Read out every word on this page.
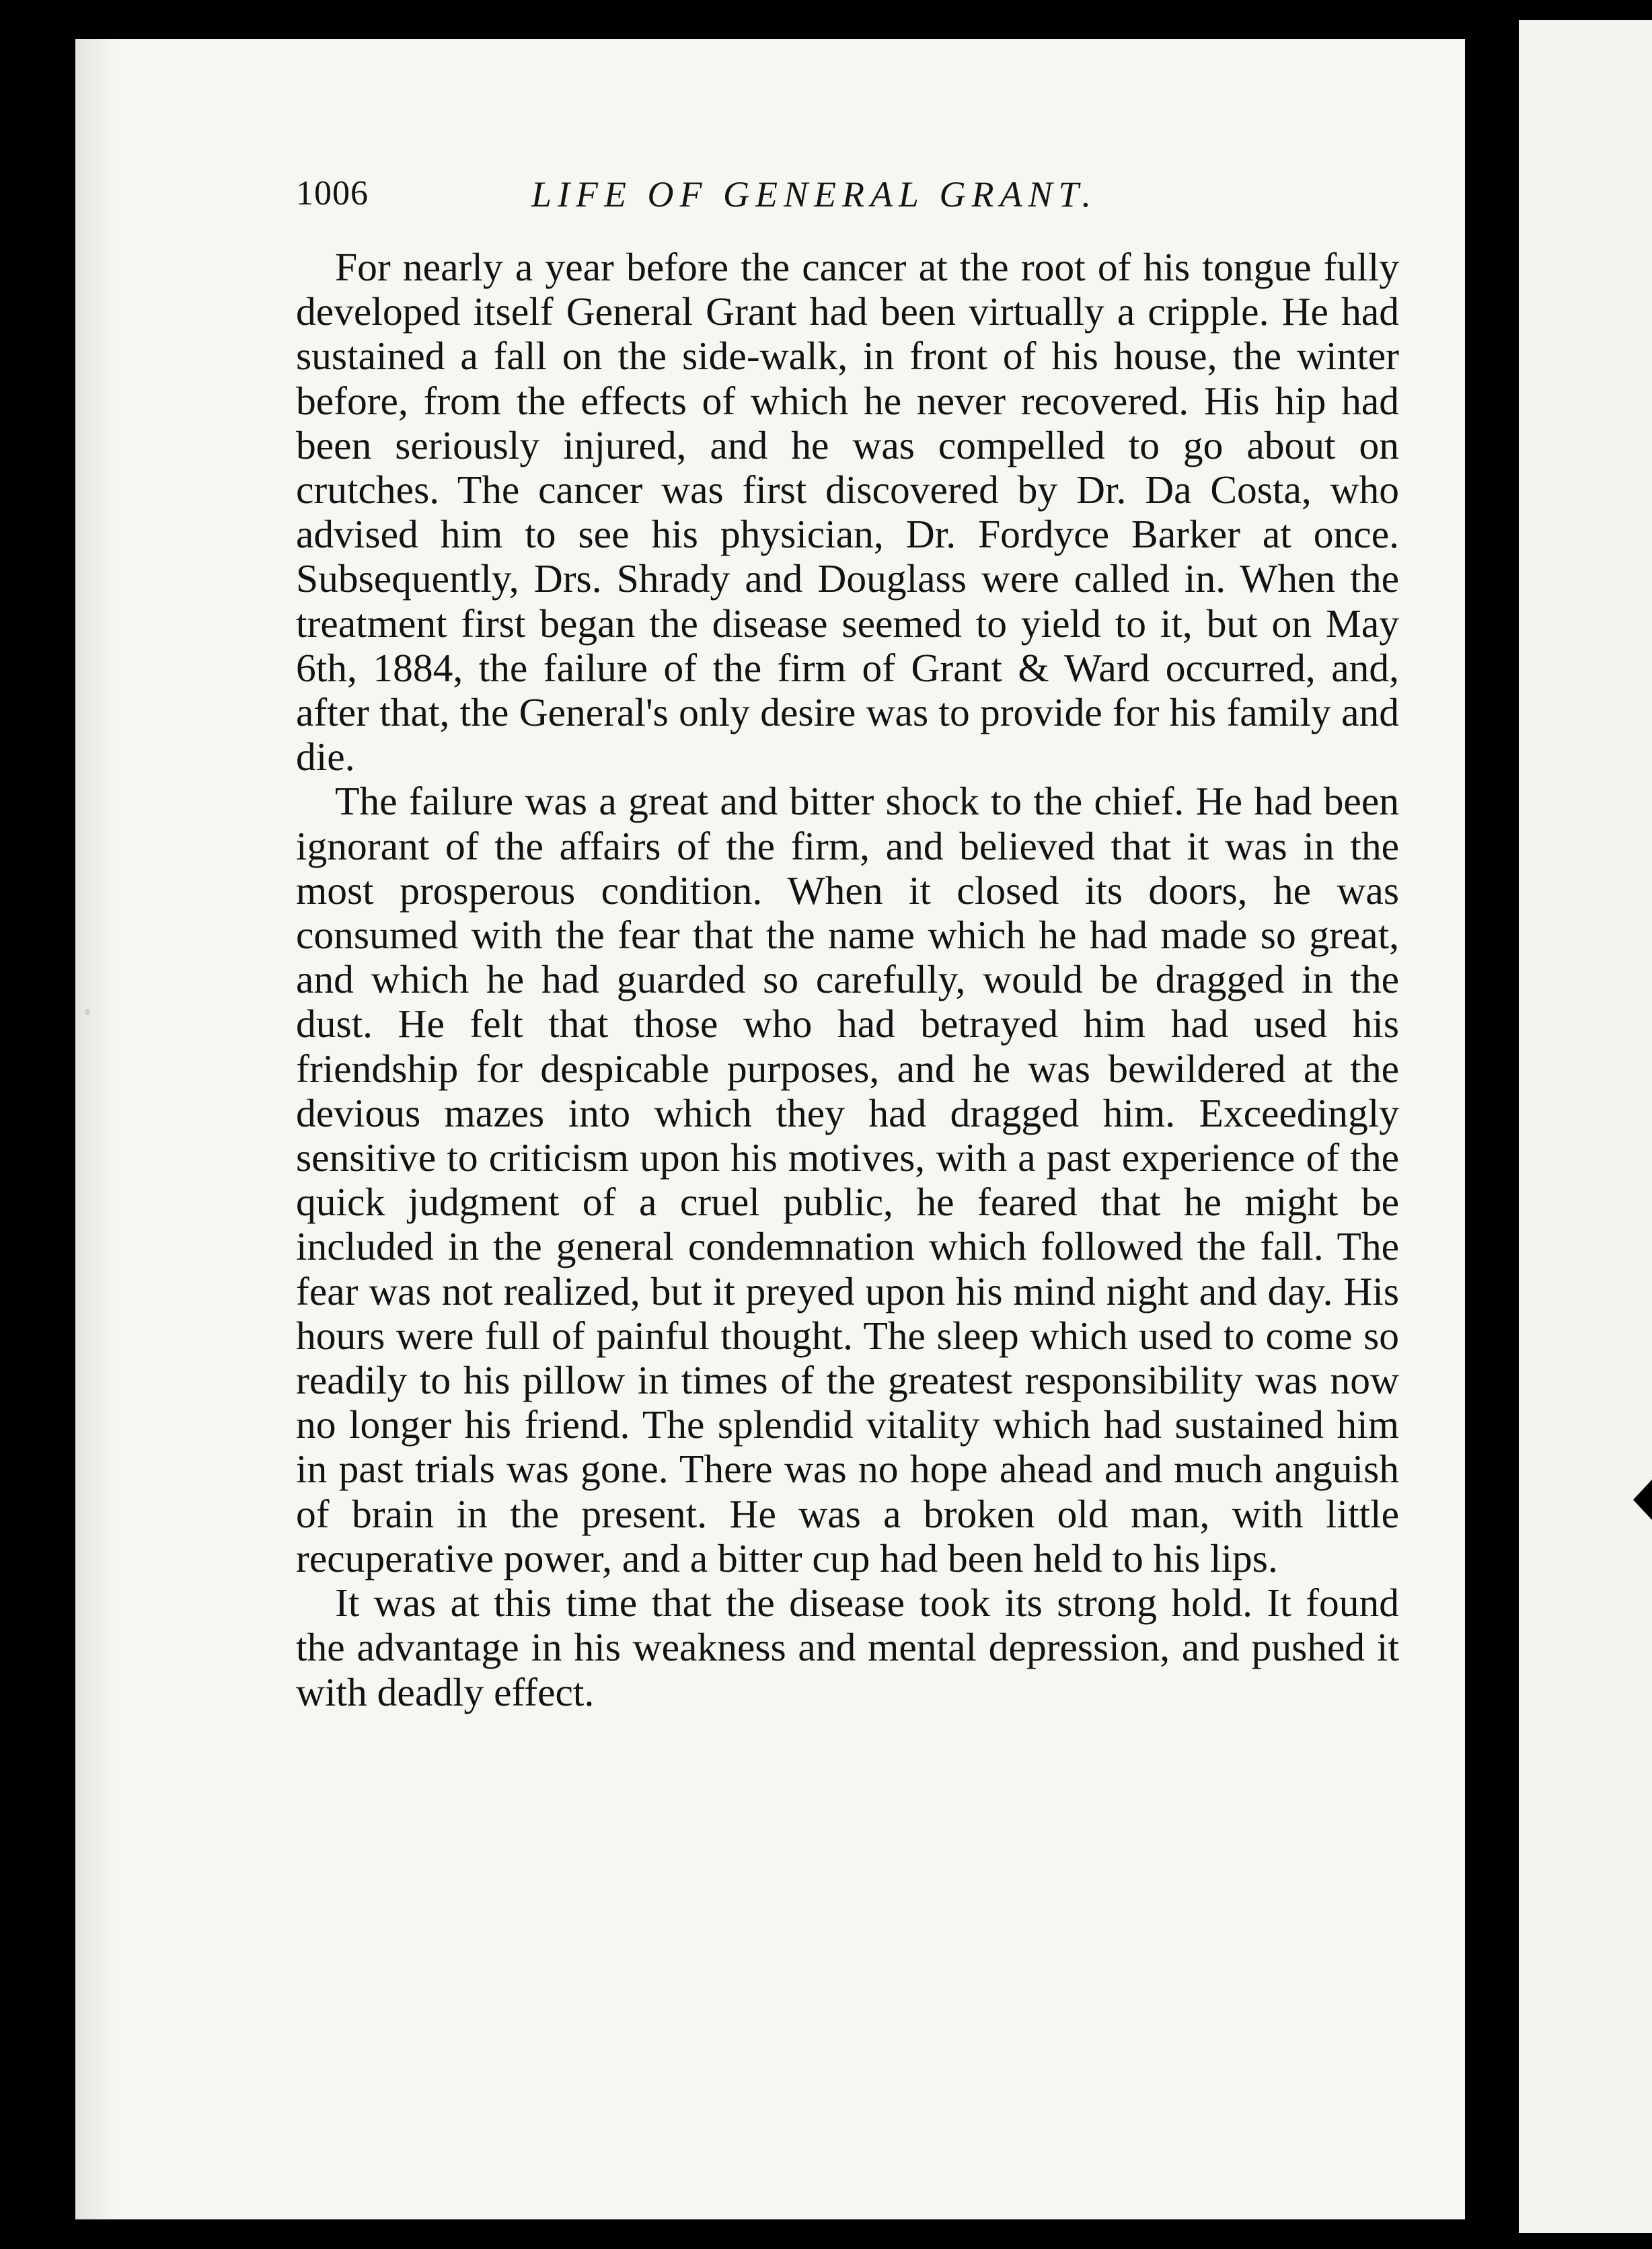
1006	LIFE OF GENERAL GRANT.

For nearly a year before the cancer at the root of his tongue fully developed itself General Grant had been virtually a cripple. He had sustained a fall on the side-walk, in front of his house, the winter before, from the effects of which he never recovered. His hip had been seriously injured, and he was compelled to go about on crutches. The cancer was first discovered by Dr. Da Costa, who advised him to see his physician, Dr. Fordyce Barker at once. Subsequently, Drs. Shrady and Douglass were called in. When the treatment first began the disease seemed to yield to it, but on May 6th, 1884, the failure of the firm of Grant & Ward occurred, and, after that, the General's only desire was to provide for his family and die.

The failure was a great and bitter shock to the chief. He had been ignorant of the affairs of the firm, and believed that it was in the most prosperous condition. When it closed its doors, he was consumed with the fear that the name which he had made so great, and which he had guarded so carefully, would be dragged in the dust. He felt that those who had betrayed him had used his friendship for despicable purposes, and he was bewildered at the devious mazes into which they had dragged him. Exceedingly sensitive to criticism upon his motives, with a past experience of the quick judgment of a cruel public, he feared that he might be included in the general condemnation which followed the fall. The fear was not realized, but it preyed upon his mind night and day. His hours were full of painful thought. The sleep which used to come so readily to his pillow in times of the greatest responsibility was now no longer his friend. The splendid vitality which had sustained him in past trials was gone. There was no hope ahead and much anguish of brain in the present. He was a broken old man, with little recuperative power, and a bitter cup had been held to his lips.

It was at this time that the disease took its strong hold. It found the advantage in his weakness and mental depression, and pushed it with deadly effect.
